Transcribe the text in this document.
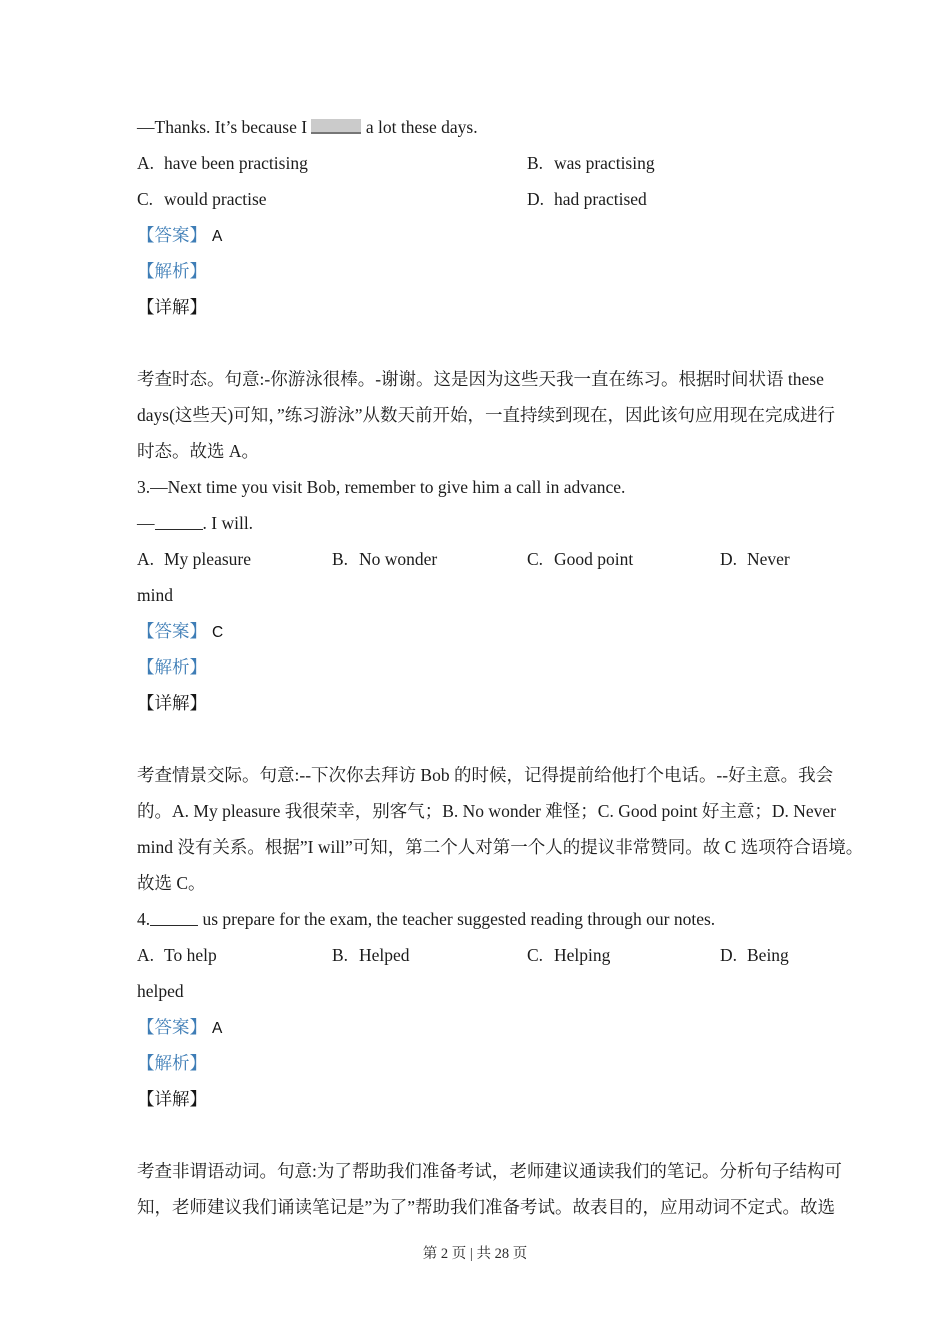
—Thanks. It’s because I	a lot these days.
A. have been practising	B. was practising
C. would practise	D. had practised
【答案】 A
【解析】
【详解】
考查时态。句意:-你游泳很棒。-谢谢。这是因为这些天我一直在练习。根据时间状语 these
days(这些天)可知，”练习游泳”从数天前开始，一直持续到现在，因此该句应用现在完成进行
时态。故选 A。
3.—Next time you visit Bob, remember to give him a call in advance.
—	. I will.
A. My pleasure	B. No wonder	C. Good point	D. Never
mind
【答案】 C
【解析】
【详解】
考查情景交际。句意:--下次你去拜访 Bob 的时候，记得提前给他打个电话。--好主意。我会
的。A. My pleasure 我很荣幸，别客气；B. No wonder 难怪；C. Good point 好主意；D. Never
mind 没有关系。根据”I will”可知，第二个人对第一个人的提议非常赞同。故 C 选项符合语境。
故选 C。
4.	us prepare for the exam, the teacher suggested reading through our notes.
A. To help	B. Helped	C. Helping	D. Being
helped
【答案】 A
【解析】
【详解】
考查非谓语动词。句意:为了帮助我们准备考试，老师建议通读我们的笔记。分析句子结构可
知，老师建议我们诵读笔记是”为了”帮助我们准备考试。故表目的，应用动词不定式。故选
第 2 页 | 共 28 页
